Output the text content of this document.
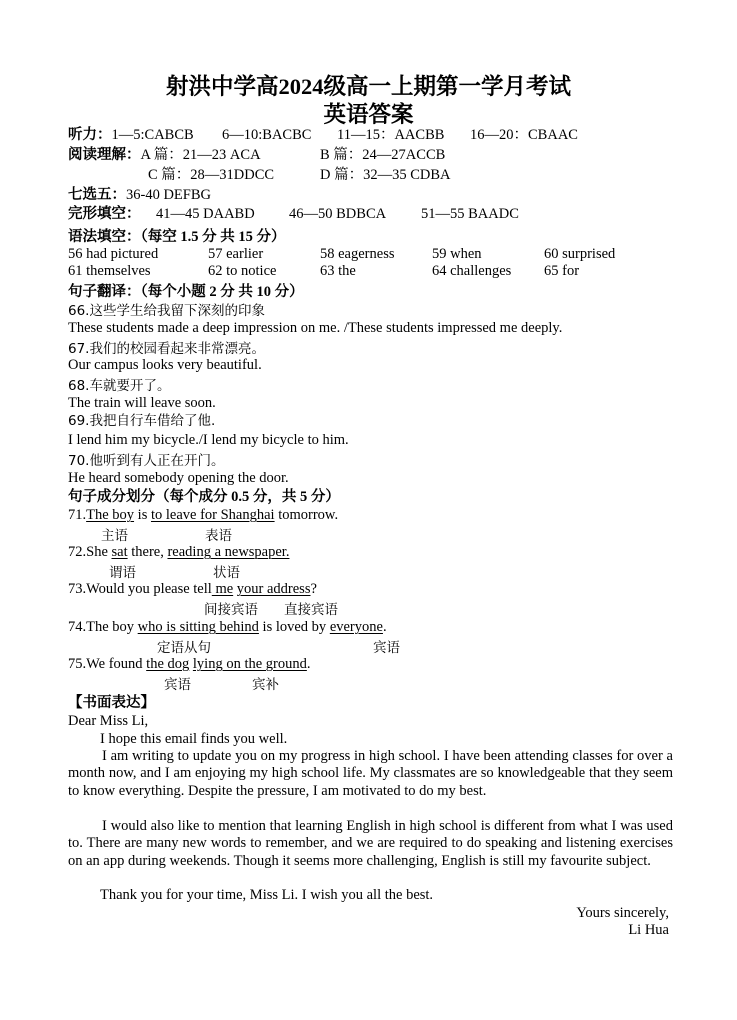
射洪中学高2024级高一上期第一学月考试
英语答案
听力：1—5:CABCB 6—10:BACBC 11—15：AACBB 16—20：CBAAC
阅读理解：A 篇：21—23 ACA	B 篇：24—27ACCB
C 篇：28—31DDCC	D 篇：32—35 CDBA
七选五：36-40 DEFBG
完形填空： 41—45 DAABD 46—50 BDBCA 51—55 BAADC
语法填空：（每空 1.5 分 共 15 分）
56 had pictured	57 earlier	58 eagerness	59 when	60 surprised
61 themselves	62 to notice	63 the	64 challenges 65 for
句子翻译：（每个小题 2 分 共 10 分）
66.这些学生给我留下深刻的印象
These students made a deep impression on me. /These students impressed me deeply.
67.我们的校园看起来非常漂亮。
Our campus looks very beautiful.
68.车就要开了。
The train will leave soon.
69.我把自行车借给了他.
I lend him my bicycle./I lend my bicycle to him.
70.他听到有人正在开门。
He heard somebody opening the door.
句子成分划分（每个成分 0.5 分，共 5 分）
71.The boy is to leave for Shanghai tomorrow.
主语	表语
72.She sat there, reading a newspaper.
谓语	状语
73.Would you please tell me your address?
间接宾语 直接宾语
74.The boy who is sitting behind is loved by everyone.
定语从句	宾语
75.We found the dog lying on the ground.
宾语	宾补
【书面表达】
Dear Miss Li,
I hope this email finds you well.
I am writing to update you on my progress in high school. I have been attending classes for over a month now, and I am enjoying my high school life. My classmates are so knowledgeable that they seem to know everything. Despite the pressure, I am motivated to do my best.
I would also like to mention that learning English in high school is different from what I was used to. There are many new words to remember, and we are required to do speaking and listening exercises on an app during weekends. Though it seems more challenging, English is still my favourite subject.
Thank you for your time, Miss Li. I wish you all the best.
Yours sincerely,
Li Hua
